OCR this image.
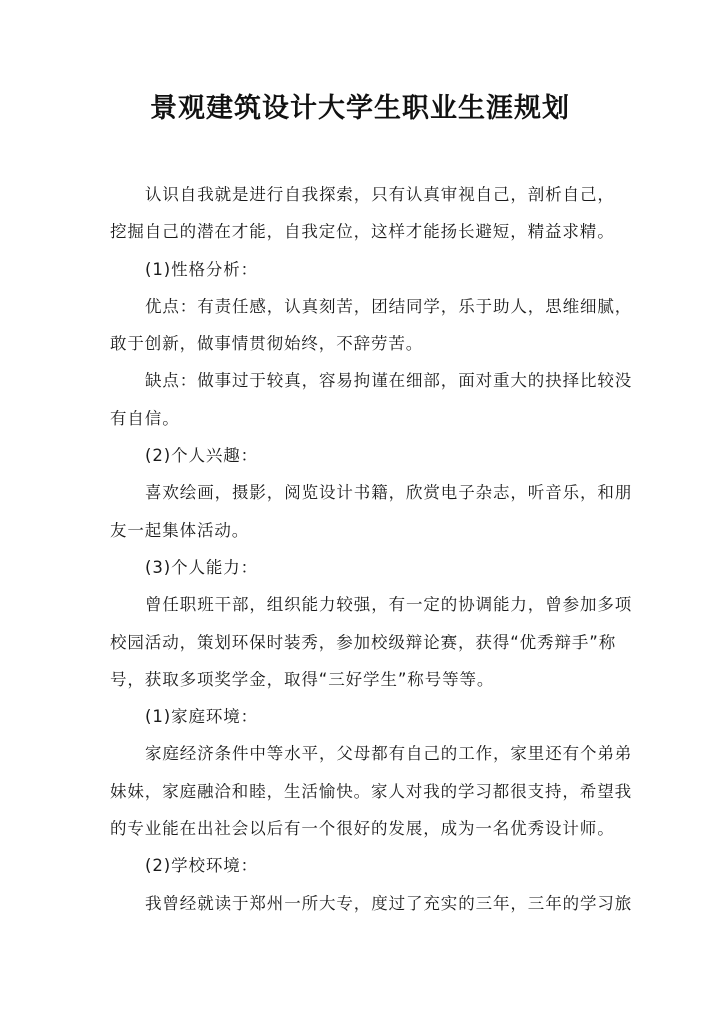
景观建筑设计大学生职业生涯规划
认识自我就是进行自我探索，只有认真审视自己，剖析自己，
挖掘自己的潜在才能，自我定位，这样才能扬长避短，精益求精。
(1)性格分析：
优点：有责任感，认真刻苦，团结同学，乐于助人，思维细腻，
敢于创新，做事情贯彻始终，不辞劳苦。
缺点：做事过于较真，容易拘谨在细部，面对重大的抉择比较没
有自信。
(2)个人兴趣：
喜欢绘画，摄影，阅览设计书籍，欣赏电子杂志，听音乐，和朋
友一起集体活动。
(3)个人能力：
曾任职班干部，组织能力较强，有一定的协调能力，曾参加多项
校园活动，策划环保时装秀，参加校级辩论赛，获得“优秀辩手”称
号，获取多项奖学金，取得“三好学生”称号等等。
(1)家庭环境：
家庭经济条件中等水平，父母都有自己的工作，家里还有个弟弟
妹妹，家庭融洽和睦，生活愉快。家人对我的学习都很支持，希望我
的专业能在出社会以后有一个很好的发展，成为一名优秀设计师。
(2)学校环境：
我曾经就读于郑州一所大专，度过了充实的三年，三年的学习旅
